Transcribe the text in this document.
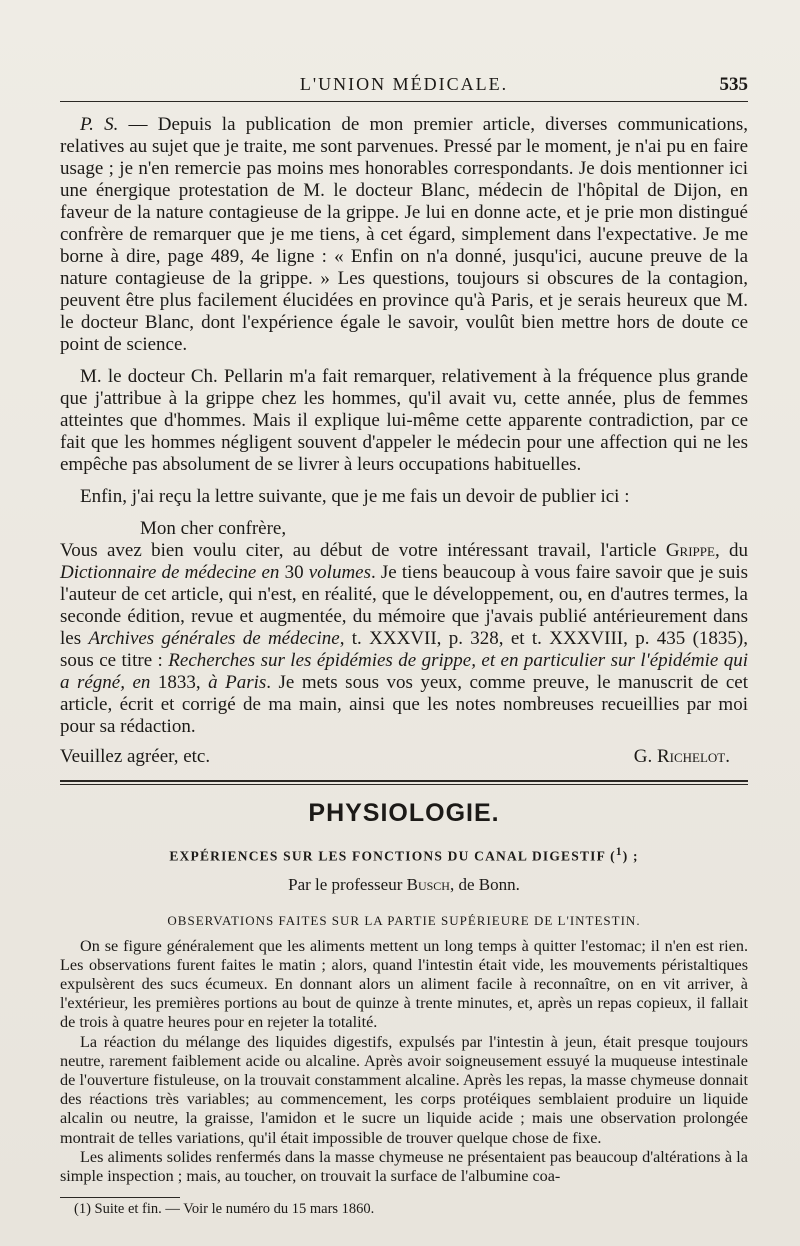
L'UNION MÉDICALE.	535

P. S. — Depuis la publication de mon premier article, diverses communications, relatives au sujet que je traite, me sont parvenues. Pressé par le moment, je n'ai pu en faire usage ; je n'en remercie pas moins mes honorables correspondants. Je dois mentionner ici une énergique protestation de M. le docteur Blanc, médecin de l'hôpital de Dijon, en faveur de la nature contagieuse de la grippe. Je lui en donne acte, et je prie mon distingué confrère de remarquer que je me tiens, à cet égard, simplement dans l'expectative. Je me borne à dire, page 489, 4e ligne : « Enfin on n'a donné, jusqu'ici, aucune preuve de la nature contagieuse de la grippe. » Les questions, toujours si obscures de la contagion, peuvent être plus facilement élucidées en province qu'à Paris, et je serais heureux que M. le docteur Blanc, dont l'expérience égale le savoir, voulût bien mettre hors de doute ce point de science.

M. le docteur Ch. Pellarin m'a fait remarquer, relativement à la fréquence plus grande que j'attribue à la grippe chez les hommes, qu'il avait vu, cette année, plus de femmes atteintes que d'hommes. Mais il explique lui-même cette apparente contradiction, par ce fait que les hommes négligent souvent d'appeler le médecin pour une affection qui ne les empêche pas absolument de se livrer à leurs occupations habituelles.

Enfin, j'ai reçu la lettre suivante, que je me fais un devoir de publier ici :

Mon cher confrère,

Vous avez bien voulu citer, au début de votre intéressant travail, l'article Grippe, du Dictionnaire de médecine en 30 volumes. Je tiens beaucoup à vous faire savoir que je suis l'auteur de cet article, qui n'est, en réalité, que le développement, ou, en d'autres termes, la seconde édition, revue et augmentée, du mémoire que j'avais publié antérieurement dans les Archives générales de médecine, t. XXXVII, p. 328, et t. XXXVIII, p. 435 (1835), sous ce titre : Recherches sur les épidémies de grippe, et en particulier sur l'épidémie qui a régné, en 1833, à Paris. Je mets sous vos yeux, comme preuve, le manuscrit de cet article, écrit et corrigé de ma main, ainsi que les notes nombreuses recueillies par moi pour sa rédaction.

Veuillez agréer, etc.	G. Richelot.
PHYSIOLOGIE.
EXPÉRIENCES SUR LES FONCTIONS DU CANAL DIGESTIF ($^1$) ;
Par le professeur Busch, de Bonn.
OBSERVATIONS FAITES SUR LA PARTIE SUPÉRIEURE DE L'INTESTIN.

On se figure généralement que les aliments mettent un long temps à quitter l'estomac; il n'en est rien. Les observations furent faites le matin ; alors, quand l'intestin était vide, les mouvements péristaltiques expulsèrent des sucs écumeux. En donnant alors un aliment facile à reconnaître, on en vit arriver, à l'extérieur, les premières portions au bout de quinze à trente minutes, et, après un repas copieux, il fallait de trois à quatre heures pour en rejeter la totalité.

La réaction du mélange des liquides digestifs, expulsés par l'intestin à jeun, était presque toujours neutre, rarement faiblement acide ou alcaline. Après avoir soigneusement essuyé la muqueuse intestinale de l'ouverture fistuleuse, on la trouvait constamment alcaline. Après les repas, la masse chymeuse donnait des réactions très variables; au commencement, les corps protéiques semblaient produire un liquide alcalin ou neutre, la graisse, l'amidon et le sucre un liquide acide ; mais une observation prolongée montrait de telles variations, qu'il était impossible de trouver quelque chose de fixe.

Les aliments solides renfermés dans la masse chymeuse ne présentaient pas beaucoup d'altérations à la simple inspection ; mais, au toucher, on trouvait la surface de l'albumine coa-

(1) Suite et fin. — Voir le numéro du 15 mars 1860.
